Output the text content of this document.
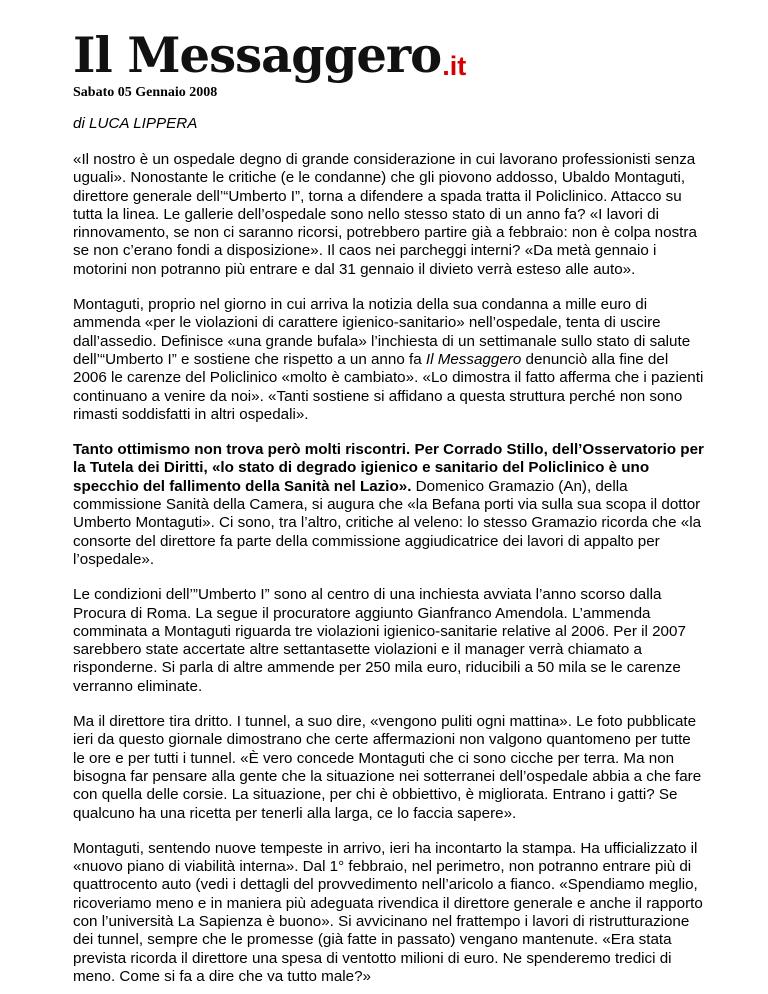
Il Messaggero .it
Sabato 05 Gennaio 2008
di LUCA LIPPERA

«Il nostro è un ospedale degno di grande considerazione in cui lavorano professionisti senza uguali». Nonostante le critiche (e le condanne) che gli piovono addosso, Ubaldo Montaguti, direttore generale dell’“Umberto I”, torna a difendere a spada tratta il Policlinico. Attacco su tutta la linea. Le gallerie dell’ospedale sono nello stesso stato di un anno fa? «I lavori di rinnovamento, se non ci saranno ricorsi, potrebbero partire già a febbraio: non è colpa nostra se non c’erano fondi a disposizione». Il caos nei parcheggi interni? «Da metà gennaio i motorini non potranno più entrare e dal 31 gennaio il divieto verrà esteso alle auto».

Montaguti, proprio nel giorno in cui arriva la notizia della sua condanna a mille euro di ammenda «per le violazioni di carattere igienico-sanitario» nell’ospedale, tenta di uscire dall’assedio. Definisce «una grande bufala» l’inchiesta di un settimanale sullo stato di salute dell’“Umberto I” e sostiene che rispetto a un anno fa Il Messaggero denunciò alla fine del 2006 le carenze del Policlinico «molto è cambiato». «Lo dimostra il fatto afferma che i pazienti continuano a venire da noi». «Tanti sostiene si affidano a questa struttura perché non sono rimasti soddisfatti in altri ospedali».

Tanto ottimismo non trova però molti riscontri. Per Corrado Stillo, dell’Osservatorio per la Tutela dei Diritti, «lo stato di degrado igienico e sanitario del Policlinico è uno specchio del fallimento della Sanità nel Lazio». Domenico Gramazio (An), della commissione Sanità della Camera, si augura che «la Befana porti via sulla sua scopa il dottor Umberto Montaguti». Ci sono, tra l’altro, critiche al veleno: lo stesso Gramazio ricorda che «la consorte del direttore fa parte della commissione aggiudicatrice dei lavori di appalto per l’ospedale».

Le condizioni dell’”Umberto I” sono al centro di una inchiesta avviata l’anno scorso dalla Procura di Roma. La segue il procuratore aggiunto Gianfranco Amendola. L’ammenda comminata a Montaguti riguarda tre violazioni igienico-sanitarie relative al 2006. Per il 2007 sarebbero state accertate altre settantasette violazioni e il manager verrà chiamato a risponderne. Si parla di altre ammende per 250 mila euro, riducibili a 50 mila se le carenze verranno eliminate.

Ma il direttore tira dritto. I tunnel, a suo dire, «vengono puliti ogni mattina». Le foto pubblicate ieri da questo giornale dimostrano che certe affermazioni non valgono quantomeno per tutte le ore e per tutti i tunnel. «È vero concede Montaguti che ci sono cicche per terra. Ma non bisogna far pensare alla gente che la situazione nei sotterranei dell’ospedale abbia a che fare con quella delle corsie. La situazione, per chi è obbiettivo, è migliorata. Entrano i gatti? Se qualcuno ha una ricetta per tenerli alla larga, ce lo faccia sapere».

Montaguti, sentendo nuove tempeste in arrivo, ieri ha incontarto la stampa. Ha ufficializzato il «nuovo piano di viabilità interna». Dal 1° febbraio, nel perimetro, non potranno entrare più di quattrocento auto (vedi i dettagli del provvedimento nell’aricolo a fianco. «Spendiamo meglio, ricoveriamo meno e in maniera più adeguata rivendica il direttore generale e anche il rapporto con l’università La Sapienza è buono». Si avvicinano nel frattempo i lavori di ristrutturazione dei tunnel, sempre che le promesse (già fatte in passato) vengano mantenute. «Era stata prevista ricorda il direttore una spesa di ventotto milioni di euro. Ne spenderemo tredici di meno. Come si fa a dire che va tutto male?»
